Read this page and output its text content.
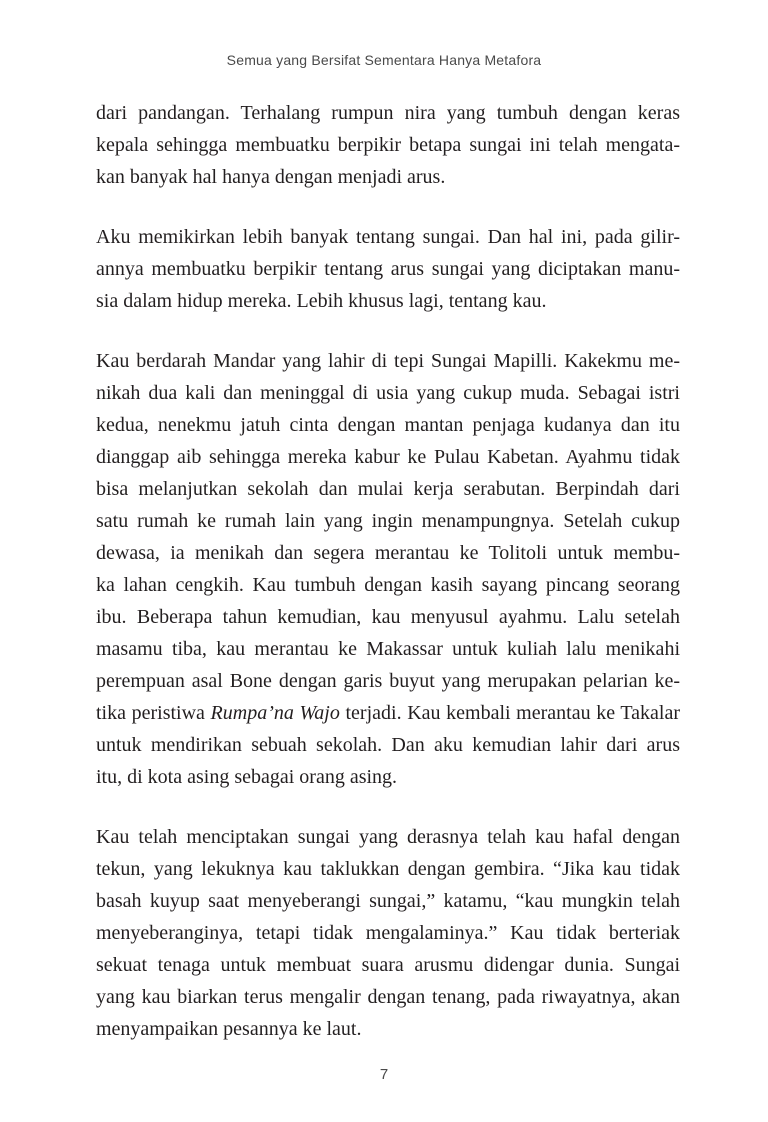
Semua yang Bersifat Sementara Hanya Metafora
dari pandangan. Terhalang rumpun nira yang tumbuh dengan keras
kepala sehingga membuatku berpikir betapa sungai ini telah mengata-
kan banyak hal hanya dengan menjadi arus.
Aku memikirkan lebih banyak tentang sungai. Dan hal ini, pada gilir-
annya membuatku berpikir tentang arus sungai yang diciptakan manu-
sia dalam hidup mereka. Lebih khusus lagi, tentang kau.
Kau berdarah Mandar yang lahir di tepi Sungai Mapilli. Kakekmu me-
nikah dua kali dan meninggal di usia yang cukup muda. Sebagai istri
kedua, nenekmu jatuh cinta dengan mantan penjaga kudanya dan itu
dianggap aib sehingga mereka kabur ke Pulau Kabetan. Ayahmu tidak
bisa melanjutkan sekolah dan mulai kerja serabutan. Berpindah dari
satu rumah ke rumah lain yang ingin menampungnya. Setelah cukup
dewasa, ia menikah dan segera merantau ke Tolitoli untuk membu-
ka lahan cengkih. Kau tumbuh dengan kasih sayang pincang seorang
ibu. Beberapa tahun kemudian, kau menyusul ayahmu. Lalu setelah
masamu tiba, kau merantau ke Makassar untuk kuliah lalu menikahi
perempuan asal Bone dengan garis buyut yang merupakan pelarian ke-
tika peristiwa Rumpa’na Wajo terjadi. Kau kembali merantau ke Takalar
untuk mendirikan sebuah sekolah. Dan aku kemudian lahir dari arus
itu, di kota asing sebagai orang asing.
Kau telah menciptakan sungai yang derasnya telah kau hafal dengan
tekun, yang lekuknya kau taklukkan dengan gembira. “Jika kau tidak
basah kuyup saat menyeberangi sungai,” katamu, “kau mungkin telah
menyeberanginya, tetapi tidak mengalaminya.” Kau tidak berteriak
sekuat tenaga untuk membuat suara arusmu didengar dunia. Sungai
yang kau biarkan terus mengalir dengan tenang, pada riwayatnya, akan
menyampaikan pesannya ke laut.
7
